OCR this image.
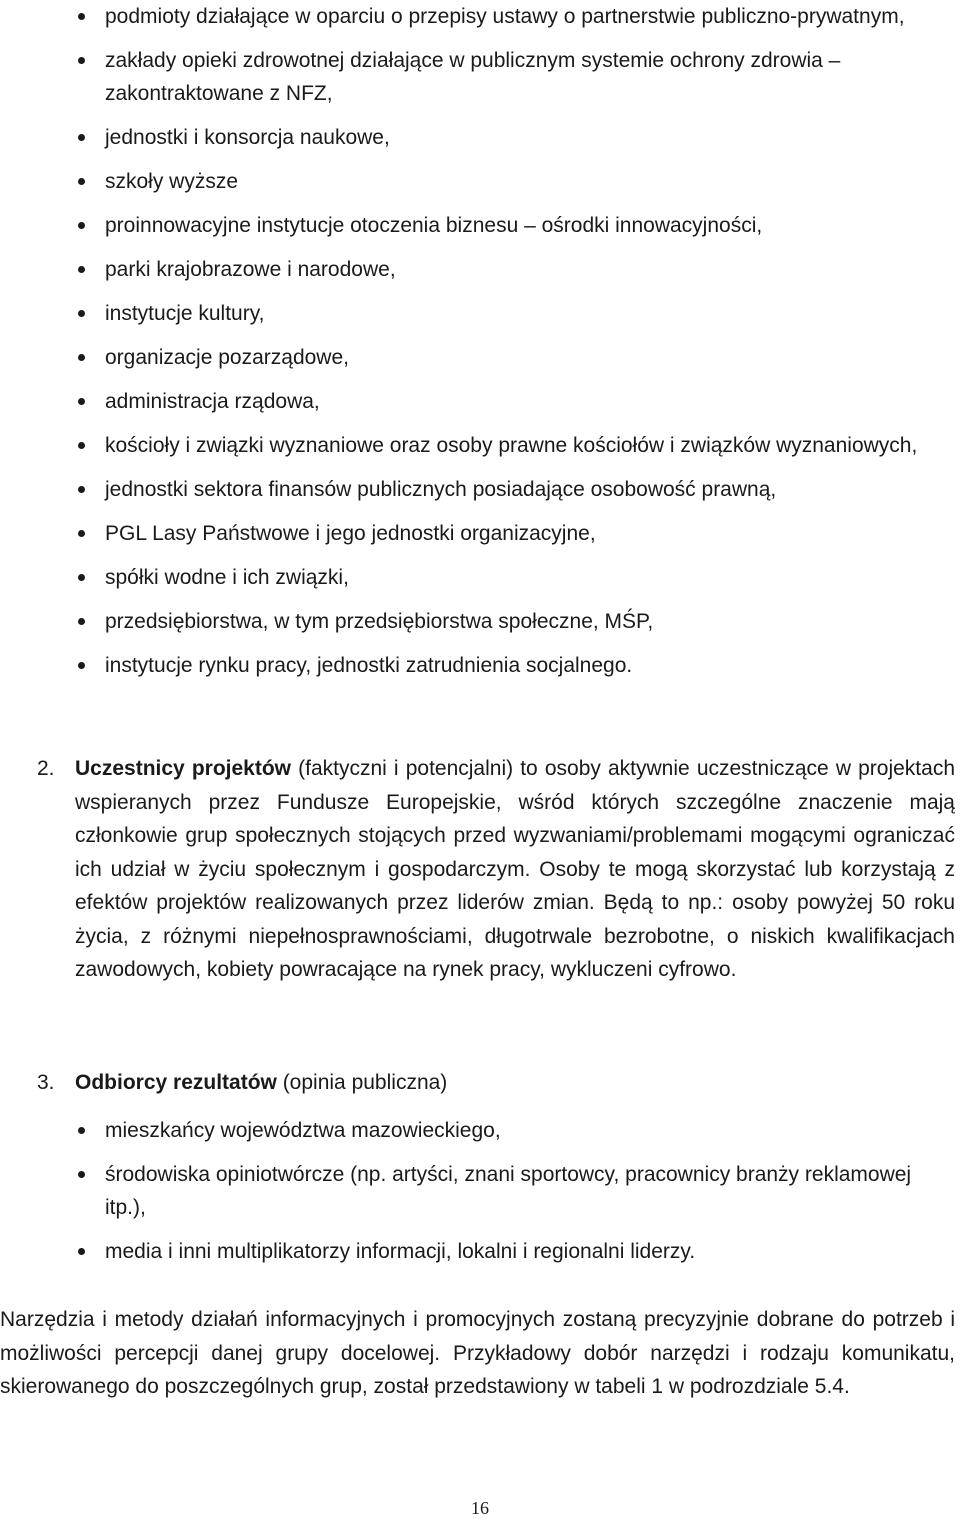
podmioty działające w oparciu o przepisy ustawy o partnerstwie publiczno-prywatnym,
zakłady opieki zdrowotnej działające w publicznym systemie ochrony zdrowia – zakontraktowane z NFZ,
jednostki i konsorcja naukowe,
szkoły wyższe
proinnowacyjne instytucje otoczenia biznesu – ośrodki innowacyjności,
parki krajobrazowe i narodowe,
instytucje kultury,
organizacje pozarządowe,
administracja rządowa,
kościoły i związki wyznaniowe oraz osoby prawne kościołów i związków wyznaniowych,
jednostki sektora finansów publicznych posiadające osobowość prawną,
PGL Lasy Państwowe i jego jednostki organizacyjne,
spółki wodne i ich związki,
przedsiębiorstwa, w tym przedsiębiorstwa społeczne, MŚP,
instytucje rynku pracy, jednostki zatrudnienia socjalnego.
2. Uczestnicy projektów (faktyczni i potencjalni) to osoby aktywnie uczestniczące w projektach wspieranych przez Fundusze Europejskie, wśród których szczególne znaczenie mają członkowie grup społecznych stojących przed wyzwaniami/problemami mogącymi ograniczać ich udział w życiu społecznym i gospodarczym. Osoby te mogą skorzystać lub korzystają z efektów projektów realizowanych przez liderów zmian. Będą to np.: osoby powyżej 50 roku życia, z różnymi niepełnosprawnościami, długotrwale bezrobotne, o niskich kwalifikacjach zawodowych, kobiety powracające na rynek pracy, wykluczeni cyfrowo.
3. Odbiorcy rezultatów (opinia publiczna)
mieszkańcy województwa mazowieckiego,
środowiska opiniotwórcze (np. artyści, znani sportowcy, pracownicy branży reklamowej itp.),
media i inni multiplikatorzy informacji, lokalni i regionalni liderzy.

Narzędzia i metody działań informacyjnych i promocyjnych zostaną precyzyjnie dobrane do potrzeb i możliwości percepcji danej grupy docelowej. Przykładowy dobór narzędzi i rodzaju komunikatu, skierowanego do poszczególnych grup, został przedstawiony w tabeli 1 w podrozdziale 5.4.

16
